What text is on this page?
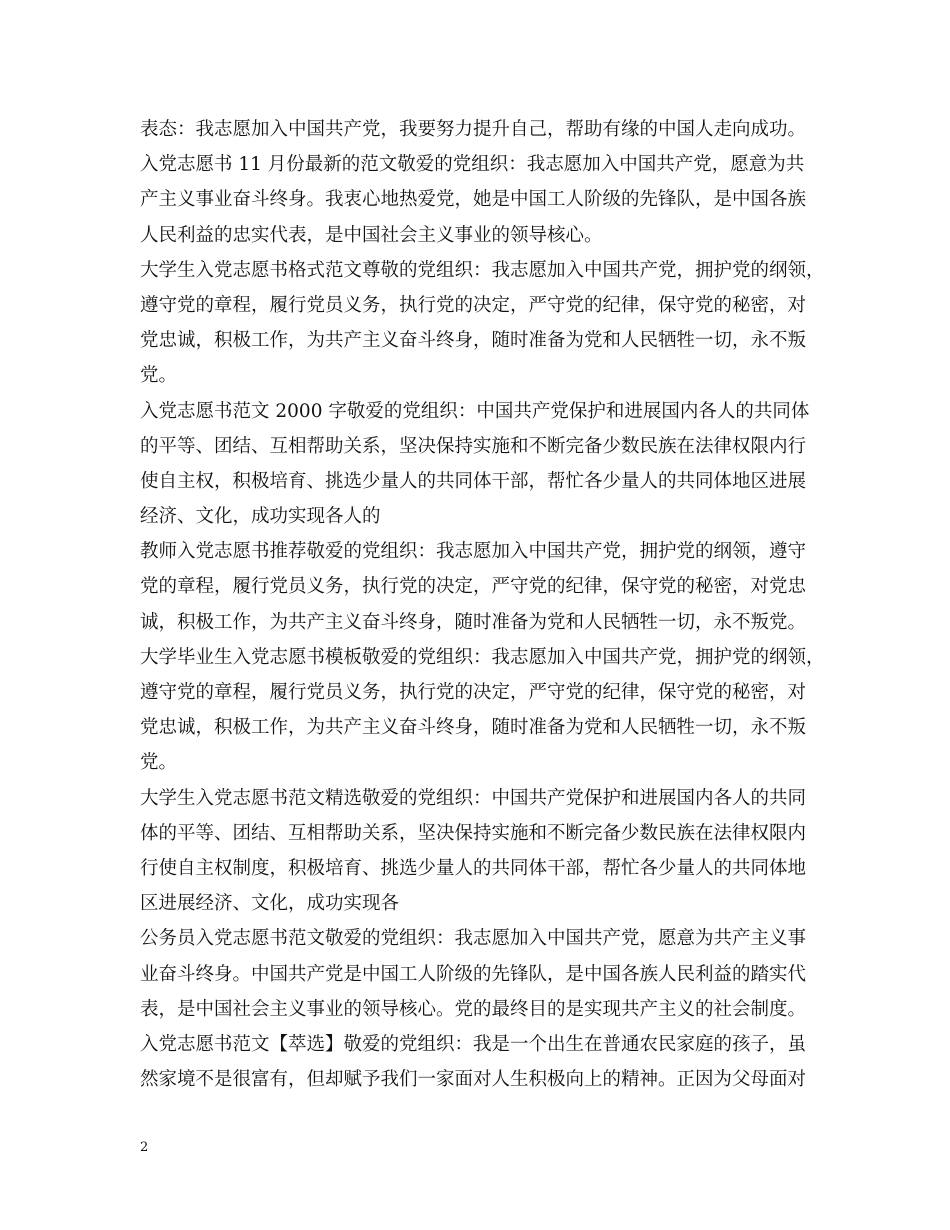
表态：我志愿加入中国共产党，我要努力提升自己，帮助有缘的中国人走向成功。
入党志愿书 11 月份最新的范文敬爱的党组织：我志愿加入中国共产党，愿意为共
产主义事业奋斗终身。我衷心地热爱党，她是中国工人阶级的先锋队，是中国各族
人民利益的忠实代表，是中国社会主义事业的领导核心。
大学生入党志愿书格式范文尊敬的党组织：我志愿加入中国共产党，拥护党的纲领，
遵守党的章程，履行党员义务，执行党的决定，严守党的纪律，保守党的秘密，对
党忠诚，积极工作，为共产主义奋斗终身，随时准备为党和人民牺牲一切，永不叛
党。
入党志愿书范文 2000 字敬爱的党组织：中国共产党保护和进展国内各人的共同体
的平等、团结、互相帮助关系，坚决保持实施和不断完备少数民族在法律权限内行
使自主权，积极培育、挑选少量人的共同体干部，帮忙各少量人的共同体地区进展
经济、文化，成功实现各人的
教师入党志愿书推荐敬爱的党组织：我志愿加入中国共产党，拥护党的纲领，遵守
党的章程，履行党员义务，执行党的决定，严守党的纪律，保守党的秘密，对党忠
诚，积极工作，为共产主义奋斗终身，随时准备为党和人民牺牲一切，永不叛党。
大学毕业生入党志愿书模板敬爱的党组织：我志愿加入中国共产党，拥护党的纲领，
遵守党的章程，履行党员义务，执行党的决定，严守党的纪律，保守党的秘密，对
党忠诚，积极工作，为共产主义奋斗终身，随时准备为党和人民牺牲一切，永不叛
党。
大学生入党志愿书范文精选敬爱的党组织：中国共产党保护和进展国内各人的共同
体的平等、团结、互相帮助关系，坚决保持实施和不断完备少数民族在法律权限内
行使自主权制度，积极培育、挑选少量人的共同体干部，帮忙各少量人的共同体地
区进展经济、文化，成功实现各
公务员入党志愿书范文敬爱的党组织：我志愿加入中国共产党，愿意为共产主义事
业奋斗终身。中国共产党是中国工人阶级的先锋队，是中国各族人民利益的踏实代
表，是中国社会主义事业的领导核心。党的最终目的是实现共产主义的社会制度。
入党志愿书范文【萃选】敬爱的党组织：我是一个出生在普通农民家庭的孩子，虽
然家境不是很富有，但却赋予我们一家面对人生积极向上的精神。正因为父母面对
2
